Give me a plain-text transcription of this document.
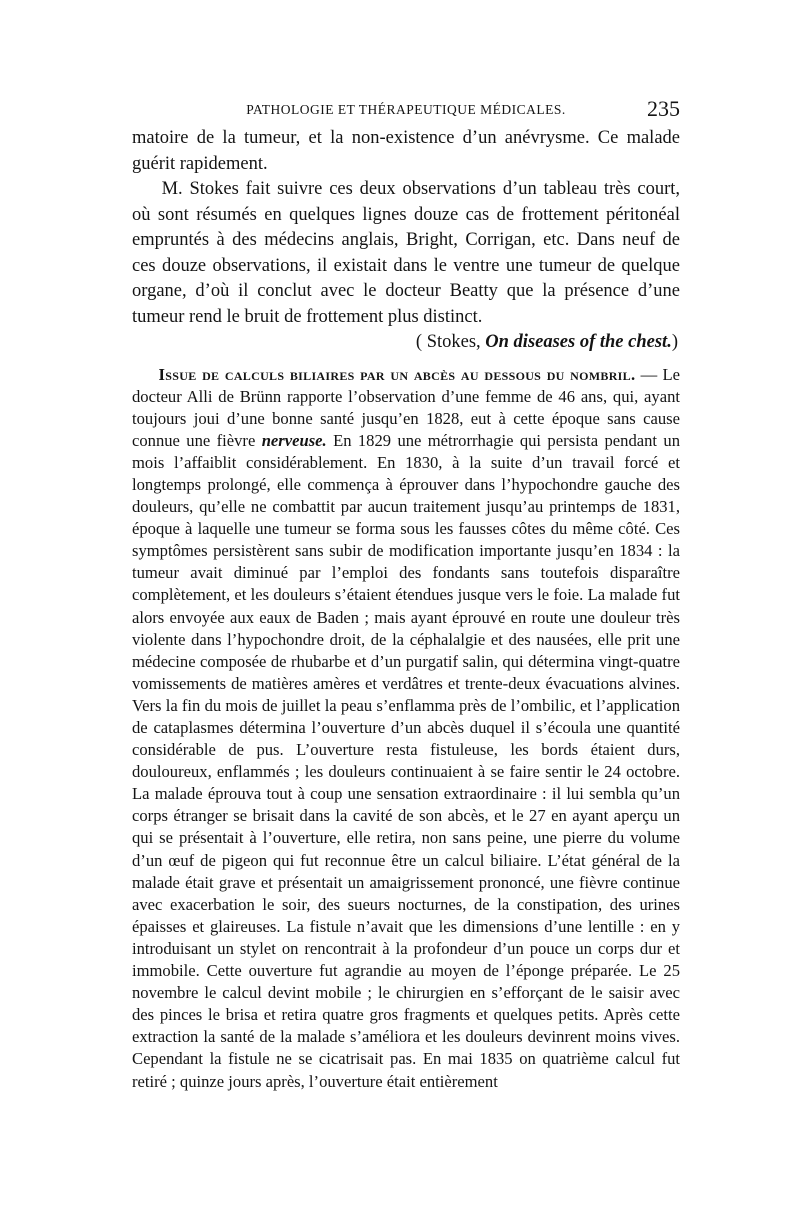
PATHOLOGIE ET THÉRAPEUTIQUE MÉDICALES.	235

matoire de la tumeur, et la non-existence d’un anévrysme. Ce malade guérit rapidement.

M. Stokes fait suivre ces deux observations d’un tableau très court, où sont résumés en quelques lignes douze cas de frottement péritonéal empruntés à des médecins anglais, Bright, Corrigan, etc. Dans neuf de ces douze observations, il existait dans le ventre une tumeur de quelque organe, d’où il conclut avec le docteur Beatty que la présence d’une tumeur rend le bruit de frottement plus distinct.

( Stokes, On diseases of the chest.)

Issue de calculs biliaires par un abcès au dessous du nombril. — Le docteur Alli de Brünn rapporte l’observation d’une femme de 46 ans, qui, ayant toujours joui d’une bonne santé jusqu’en 1828, eut à cette époque sans cause connue une fièvre nerveuse. En 1829 une métrorrhagie qui persista pendant un mois l’affaiblit considérablement. En 1830, à la suite d’un travail forcé et longtemps prolongé, elle commença à éprouver dans l’hypochondre gauche des douleurs, qu’elle ne combattit par aucun traitement jusqu’au printemps de 1831, époque à laquelle une tumeur se forma sous les fausses côtes du même côté. Ces symptômes persistèrent sans subir de modification importante jusqu’en 1834 : la tumeur avait diminué par l’emploi des fondants sans toutefois disparaître complètement, et les douleurs s’étaient étendues jusque vers le foie. La malade fut alors envoyée aux eaux de Baden ; mais ayant éprouvé en route une douleur très violente dans l’hypochondre droit, de la céphalalgie et des nausées, elle prit une médecine composée de rhubarbe et d’un purgatif salin, qui détermina vingt-quatre vomissements de matières amères et verdâtres et trente-deux évacuations alvines. Vers la fin du mois de juillet la peau s’enflamma près de l’ombilic, et l’application de cataplasmes détermina l’ouverture d’un abcès duquel il s’écoula une quantité considérable de pus. L’ouverture resta fistuleuse, les bords étaient durs, douloureux, enflammés ; les douleurs continuaient à se faire sentir le 24 octobre. La malade éprouva tout à coup une sensation extraordinaire : il lui sembla qu’un corps étranger se brisait dans la cavité de son abcès, et le 27 en ayant aperçu un qui se présentait à l’ouverture, elle retira, non sans peine, une pierre du volume d’un œuf de pigeon qui fut reconnue être un calcul biliaire. L’état général de la malade était grave et présentait un amaigrissement prononcé, une fièvre continue avec exacerbation le soir, des sueurs nocturnes, de la constipation, des urines épaisses et glaireuses. La fistule n’avait que les dimensions d’une lentille : en y introduisant un stylet on rencontrait à la profondeur d’un pouce un corps dur et immobile. Cette ouverture fut agrandie au moyen de l’éponge préparée. Le 25 novembre le calcul devint mobile ; le chirurgien en s’efforçant de le saisir avec des pinces le brisa et retira quatre gros fragments et quelques petits. Après cette extraction la santé de la malade s’améliora et les douleurs devinrent moins vives. Cependant la fistule ne se cicatrisait pas. En mai 1835 on quatrième calcul fut retiré ; quinze jours après, l’ouverture était entièrement
